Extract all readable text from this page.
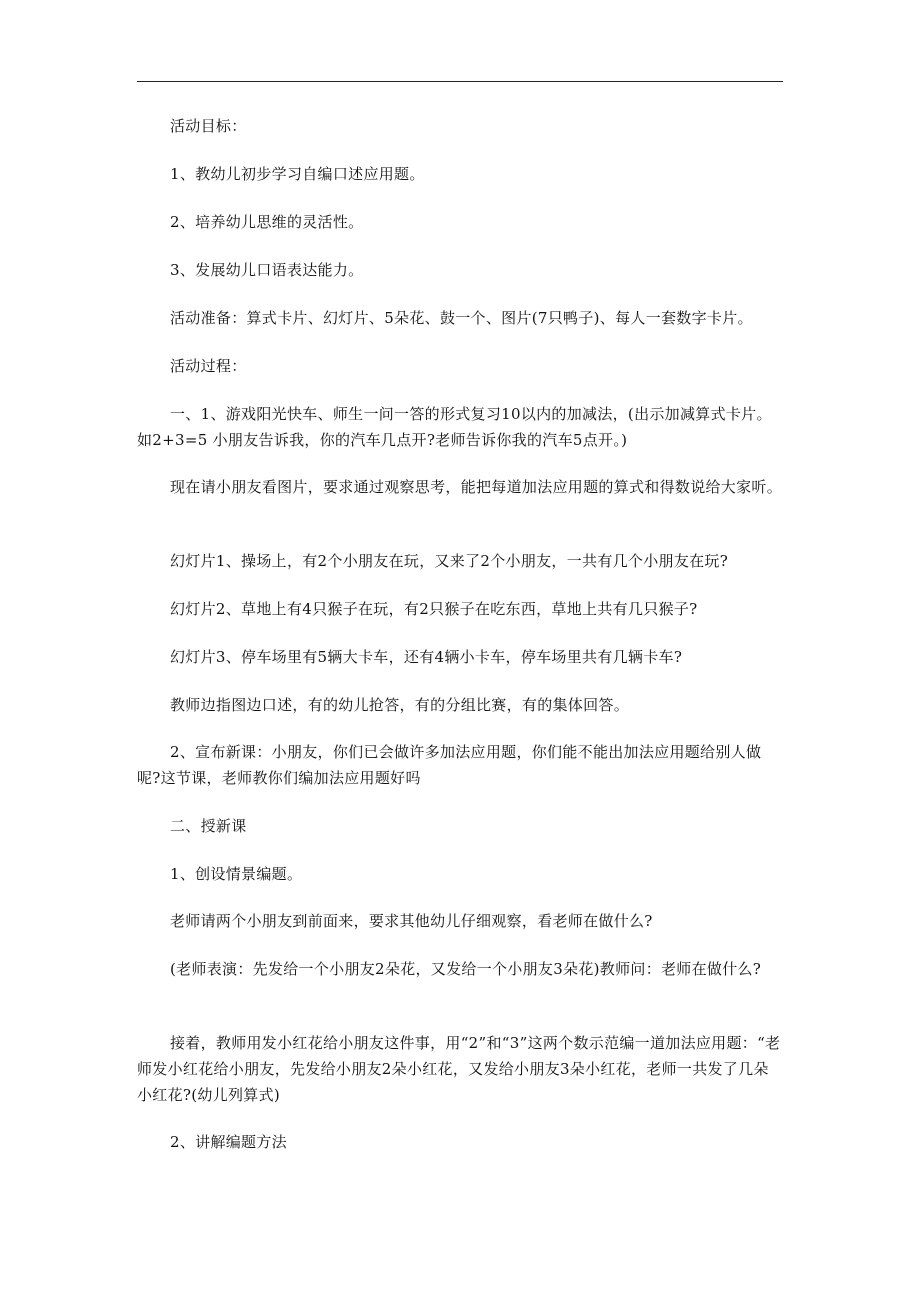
活动目标：

1、教幼儿初步学习自编口述应用题。

2、培养幼儿思维的灵活性。

3、发展幼儿口语表达能力。

活动准备：算式卡片、幻灯片、5朵花、鼓一个、图片(7只鸭子)、每人一套数字卡片。

活动过程：

一、1、游戏阳光快车、师生一问一答的形式复习10以内的加减法，(出示加减算式卡片。如2+3=5 小朋友告诉我，你的汽车几点开?老师告诉你我的汽车5点开。)

现在请小朋友看图片，要求通过观察思考，能把每道加法应用题的算式和得数说给大家听。

幻灯片1、操场上，有2个小朋友在玩，又来了2个小朋友，一共有几个小朋友在玩?

幻灯片2、草地上有4只猴子在玩，有2只猴子在吃东西，草地上共有几只猴子?

幻灯片3、停车场里有5辆大卡车，还有4辆小卡车，停车场里共有几辆卡车?

教师边指图边口述，有的幼儿抢答，有的分组比赛，有的集体回答。

2、宣布新课：小朋友，你们已会做许多加法应用题，你们能不能出加法应用题给别人做呢?这节课，老师教你们编加法应用题好吗

二、授新课

1、创设情景编题。

老师请两个小朋友到前面来，要求其他幼儿仔细观察，看老师在做什么?

(老师表演：先发给一个小朋友2朵花，又发给一个小朋友3朵花)教师问：老师在做什么?

接着，教师用发小红花给小朋友这件事，用“2”和“3”这两个数示范编一道加法应用题：“老师发小红花给小朋友，先发给小朋友2朵小红花，又发给小朋友3朵小红花，老师一共发了几朵小红花?(幼儿列算式)

2、讲解编题方法
